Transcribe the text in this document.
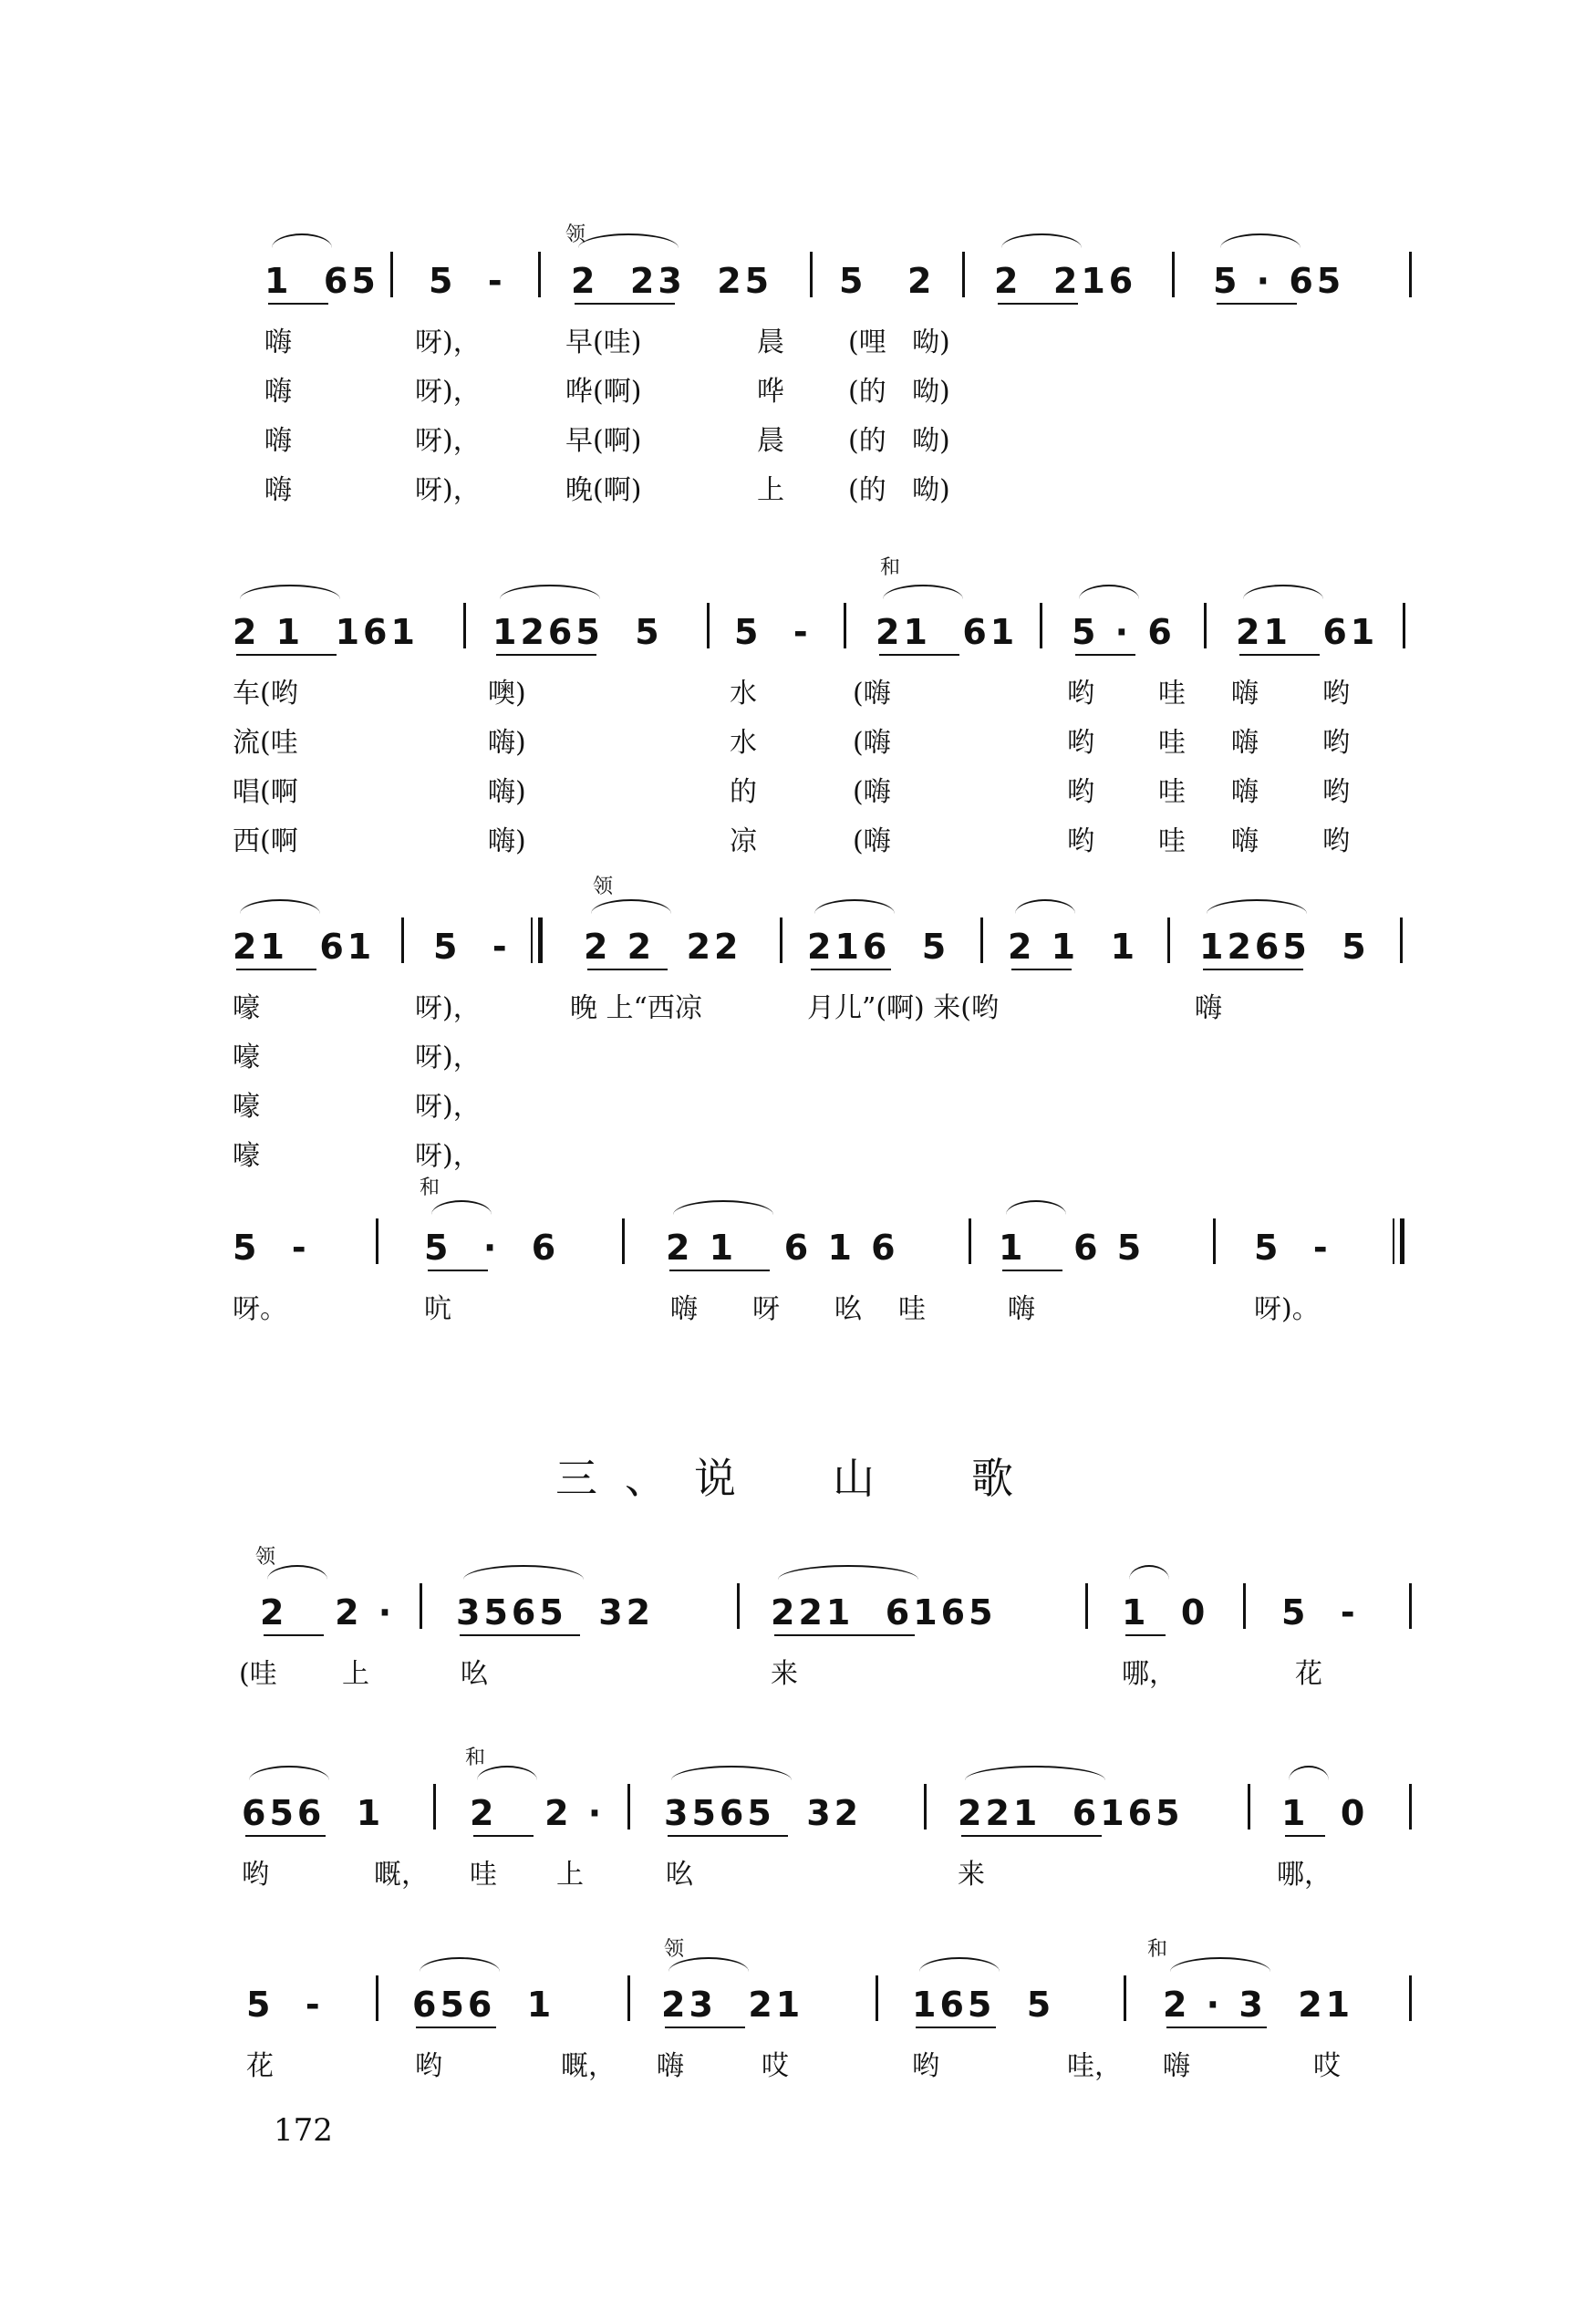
领
1  65 5  - 2  23  25 5 2 2  216 5 · 65
嗨	呀)，	早(哇)	晨 (哩 呦)
嗨	呀)，	哗(啊)	哗 (的 呦)
嗨	呀)，	早(啊)	晨 (的 呦)
嗨	呀)，	晚(啊)	上 (的 呦)
和
2 1  161 1265  5 5  - 21  61 5 · 6 21  61
车(哟	噢)	水	(嗨	哟 哇 嗨 哟
流(哇	嗨)	水	(嗨	哟 哇 嗨 哟
唱(啊	嗨)	的	(嗨	哟 哇 嗨 哟
西(啊	嗨)	凉	(嗨	哟 哇 嗨 哟
领
21  61 5  - 2 2  22 216  5 2 1  1 1265  5
嚎	呀)，	晚 上“西凉	月儿”(啊) 来(哟	嗨
嚎	呀)，
嚎	呀)，
嚎	呀)，
和
5  -	5  ·  6	2 1   6 1 6	1   6 5	5  -
呀。	吭	嗨 呀 吆 哇	嗨	呀)。
领
2   2 · 3565  32	221  6165	1  0 5  -
(哇 上	吆	来	哪，	花
和
656  1 2   2 · 3565  32	221  6165	1  0
哟	嘅， 哇 上	吆	来	哪，
领	和
5  -	656  1	23  21	165  5	2 · 3  21
花	哟	嘅， 嗨	哎	哟	哇， 嗨	哎
三、说　山　歌
172
